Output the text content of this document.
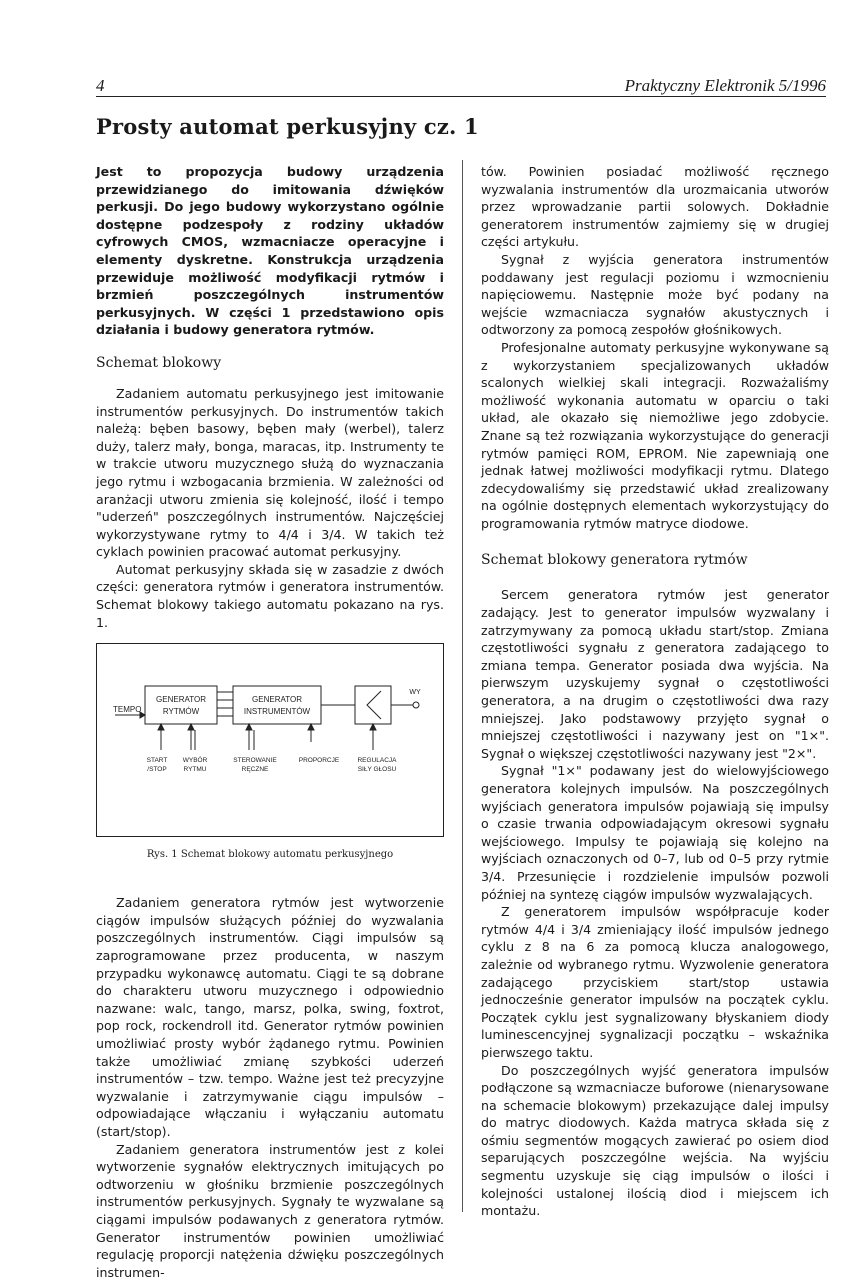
4	Praktyczny Elektronik 5/1996
Prosty automat perkusyjny cz. 1

Jest to propozycja budowy urządzenia przewidzianego do imitowania dźwięków perkusji. Do jego budowy wykorzystano ogólnie dostępne podzespoły z rodziny układów cyfrowych CMOS, wzmacniacze operacyjne i elementy dyskretne. Konstrukcja urządzenia przewiduje możliwość modyfikacji rytmów i brzmień poszczególnych instrumentów perkusyjnych. W części 1 przedstawiono opis działania i budowy generatora rytmów.

Schemat blokowy

Zadaniem automatu perkusyjnego jest imitowanie instrumentów perkusyjnych. Do instrumentów takich należą: bęben basowy, bęben mały (werbel), talerz duży, talerz mały, bonga, maracas, itp. Instrumenty te w trakcie utworu muzycznego służą do wyznaczania jego rytmu i wzbogacania brzmienia. W zależności od aranżacji utworu zmienia się kolejność, ilość i tempo "uderzeń" poszczególnych instrumentów. Najczęściej wykorzystywane rytmy to 4/4 i 3/4. W takich też cyklach powinien pracować automat perkusyjny.

Automat perkusyjny składa się w zasadzie z dwóch części: generatora rytmów i generatora instrumentów. Schemat blokowy takiego automatu pokazano na rys. 1.

TEMPO
GENERATOR
RYTMÓW
GENERATOR
INSTRUMENTÓW
WY
START
/STOP
WYBÓR
RYTMU
STEROWANIE
RĘCZNE
PROPORCJE	REGULACJA
SIŁY GŁOSU
Rys. 1 Schemat blokowy automatu perkusyjnego

Zadaniem generatora rytmów jest wytworzenie ciągów impulsów służących później do wyzwalania poszczególnych instrumentów. Ciągi impulsów są zaprogramowane przez producenta, w naszym przypadku wykonawcę automatu. Ciągi te są dobrane do charakteru utworu muzycznego i odpowiednio nazwane: walc, tango, marsz, polka, swing, foxtrot, pop rock, rockendroll itd. Generator rytmów powinien umożliwiać prosty wybór żądanego rytmu. Powinien także umożliwiać zmianę szybkości uderzeń instrumentów – tzw. tempo. Ważne jest też precyzyjne wyzwalanie i zatrzymywanie ciągu impulsów – odpowiadające włączaniu i wyłączaniu automatu (start/stop).

Zadaniem generatora instrumentów jest z kolei wytworzenie sygnałów elektrycznych imitujących po odtworzeniu w głośniku brzmienie poszczególnych instrumentów perkusyjnych. Sygnały te wyzwalane są ciągami impulsów podawanych z generatora rytmów. Generator instrumentów powinien umożliwiać regulację proporcji natężenia dźwięku poszczególnych instrumen-

tów. Powinien posiadać możliwość ręcznego wyzwalania instrumentów dla urozmaicania utworów przez wprowadzanie partii solowych. Dokładnie generatorem instrumentów zajmiemy się w drugiej części artykułu.

Sygnał z wyjścia generatora instrumentów poddawany jest regulacji poziomu i wzmocnieniu napięciowemu. Następnie może być podany na wejście wzmacniacza sygnałów akustycznych i odtworzony za pomocą zespołów głośnikowych.

Profesjonalne automaty perkusyjne wykonywane są z wykorzystaniem specjalizowanych układów scalonych wielkiej skali integracji. Rozważaliśmy możliwość wykonania automatu w oparciu o taki układ, ale okazało się niemożliwe jego zdobycie. Znane są też rozwiązania wykorzystujące do generacji rytmów pamięci ROM, EPROM. Nie zapewniają one jednak łatwej możliwości modyfikacji rytmu. Dlatego zdecydowaliśmy się przedstawić układ zrealizowany na ogólnie dostępnych elementach wykorzystujący do programowania rytmów matryce diodowe.

Schemat blokowy generatora rytmów

Sercem generatora rytmów jest generator zadający. Jest to generator impulsów wyzwalany i zatrzymywany za pomocą układu start/stop. Zmiana częstotliwości sygnału z generatora zadającego to zmiana tempa. Generator posiada dwa wyjścia. Na pierwszym uzyskujemy sygnał o częstotliwości generatora, a na drugim o częstotliwości dwa razy mniejszej. Jako podstawowy przyjęto sygnał o mniejszej częstotliwości i nazywany jest on "1×". Sygnał o większej częstotliwości nazywany jest "2×".

Sygnał "1×" podawany jest do wielowyjściowego generatora kolejnych impulsów. Na poszczególnych wyjściach generatora impulsów pojawiają się impulsy o czasie trwania odpowiadającym okresowi sygnału wejściowego. Impulsy te pojawiają się kolejno na wyjściach oznaczonych od 0–7, lub od 0–5 przy rytmie 3/4. Przesunięcie i rozdzielenie impulsów pozwoli później na syntezę ciągów impulsów wyzwalających.

Z generatorem impulsów współpracuje koder rytmów 4/4 i 3/4 zmieniający ilość impulsów jednego cyklu z 8 na 6 za pomocą klucza analogowego, zależnie od wybranego rytmu. Wyzwolenie generatora zadającego przyciskiem start/stop ustawia jednocześnie generator impulsów na początek cyklu. Początek cyklu jest sygnalizowany błyskaniem diody luminescencyjnej sygnalizacji początku – wskaźnika pierwszego taktu.

Do poszczególnych wyjść generatora impulsów podłączone są wzmacniacze buforowe (nienarysowane na schemacie blokowym) przekazujące dalej impulsy do matryc diodowych. Każda matryca składa się z ośmiu segmentów mogących zawierać po osiem diod separujących poszczególne wejścia. Na wyjściu segmentu uzyskuje się ciąg impulsów o ilości i kolejności ustalonej ilością diod i miejscem ich montażu.
